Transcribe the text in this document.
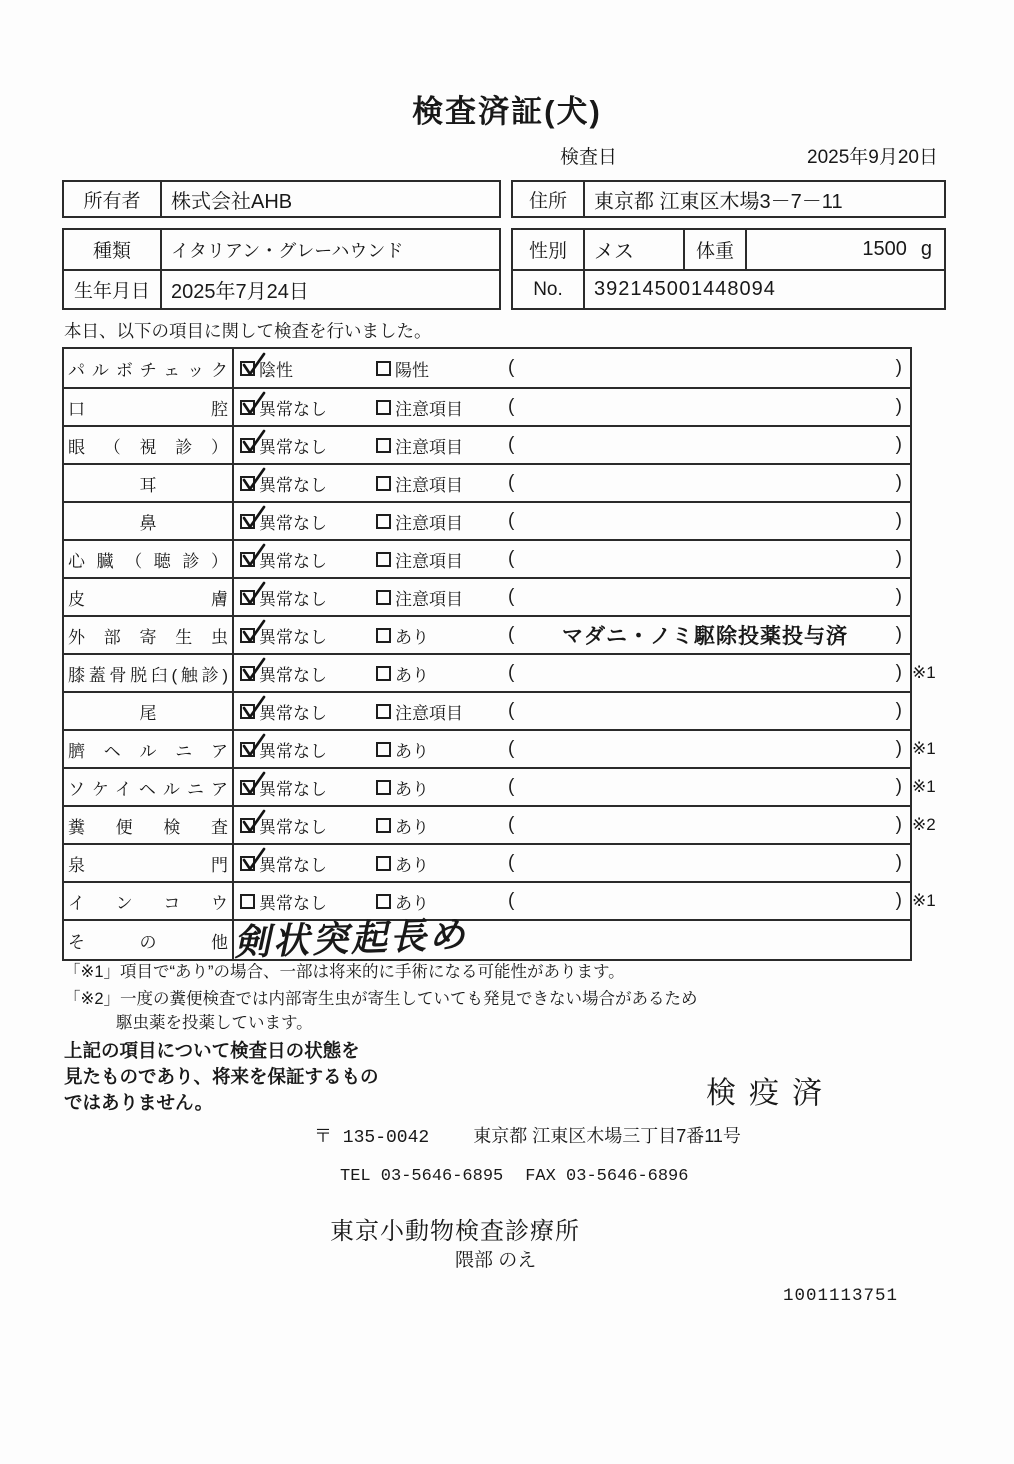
検査済証(犬)
検査日	2025年9月20日
所有者	株式会社AHB	住所	東京都 江東区木場3－7－11
種類	イタリアン・グレーハウンド
生年月日	2025年7月24日
性別	メス	体重	1500 g
No.	392145001448094
本日、以下の項目に関して検査を行いました。
パルボチェック 陰性	陽性	(	)
口腔 異常なし	注意項目 (	)
眼（視診） 異常なし	注意項目 (	)
耳	異常なし	注意項目 (	)
鼻	異常なし	注意項目 (	)
心臓（聴診） 異常なし	注意項目 (	)
皮膚 異常なし	注意項目 (	)
外部寄生虫 異常なし	あり	(	マダニ・ノミ駆除投薬投与済	)
膝蓋骨脱臼(触診) 異常なし	あり	(	) ※1
尾	異常なし	注意項目 (	)
臍ヘルニア 異常なし	あり	(	) ※1
ソケイヘルニア 異常なし	あり	(	) ※1
糞便検査 異常なし	あり	(	) ※2
泉門 異常なし	あり	(	)
インコウ 異常なし	あり	(	) ※1
その他 剣状突起長め
「※1」項目で“あり”の場合、一部は将来的に手術になる可能性があります。
「※2」一度の糞便検査では内部寄生虫が寄生していても発見できない場合があるため
駆虫薬を投薬しています。
上記の項目について検査日の状態を
見たものであり、将来を保証するもの
ではありません。	検疫済
〒 135-0042 東京都 江東区木場三丁目7番11号
TEL 03-5646-6895 FAX 03-5646-6896
東京小動物検査診療所
隈部 のえ
1001113751
